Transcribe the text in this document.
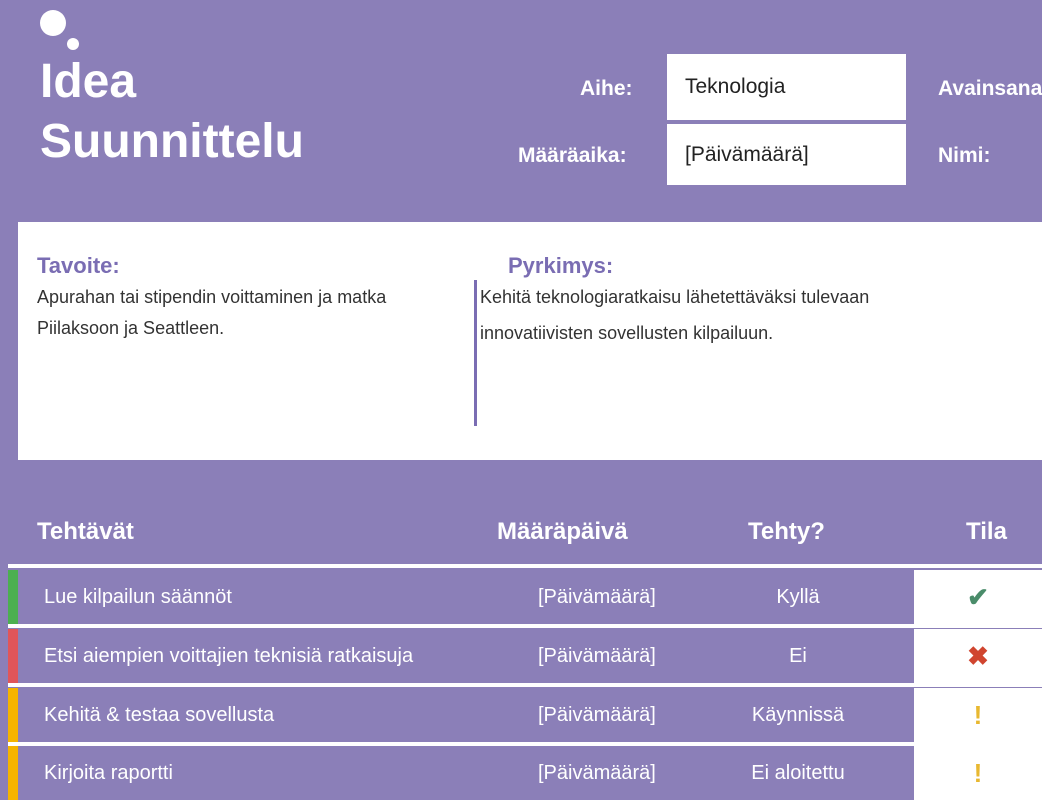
Idea
Suunnittelu
Aihe:	Teknologia
Määräaika:	[Päivämäärä]
Avainsana
Nimi:
Tavoite:
Apurahan tai stipendin voittaminen ja matka
Piilaksoon ja Seattleen.
Pyrkimys:
Kehitä teknologiaratkaisu lähetettäväksi tulevaan
innovatiivisten sovellusten kilpailuun.
Tehtävät	Määräpäivä	Tehty?	Tila
Lue kilpailun säännöt	[Päivämäärä]	Kyllä	✔
Etsi aiempien voittajien teknisiä ratkaisuja	[Päivämäärä]	Ei	✖
Kehitä & testaa sovellusta	[Päivämäärä]	Käynnissä	!
Kirjoita raportti	[Päivämäärä]	Ei aloitettu	!
